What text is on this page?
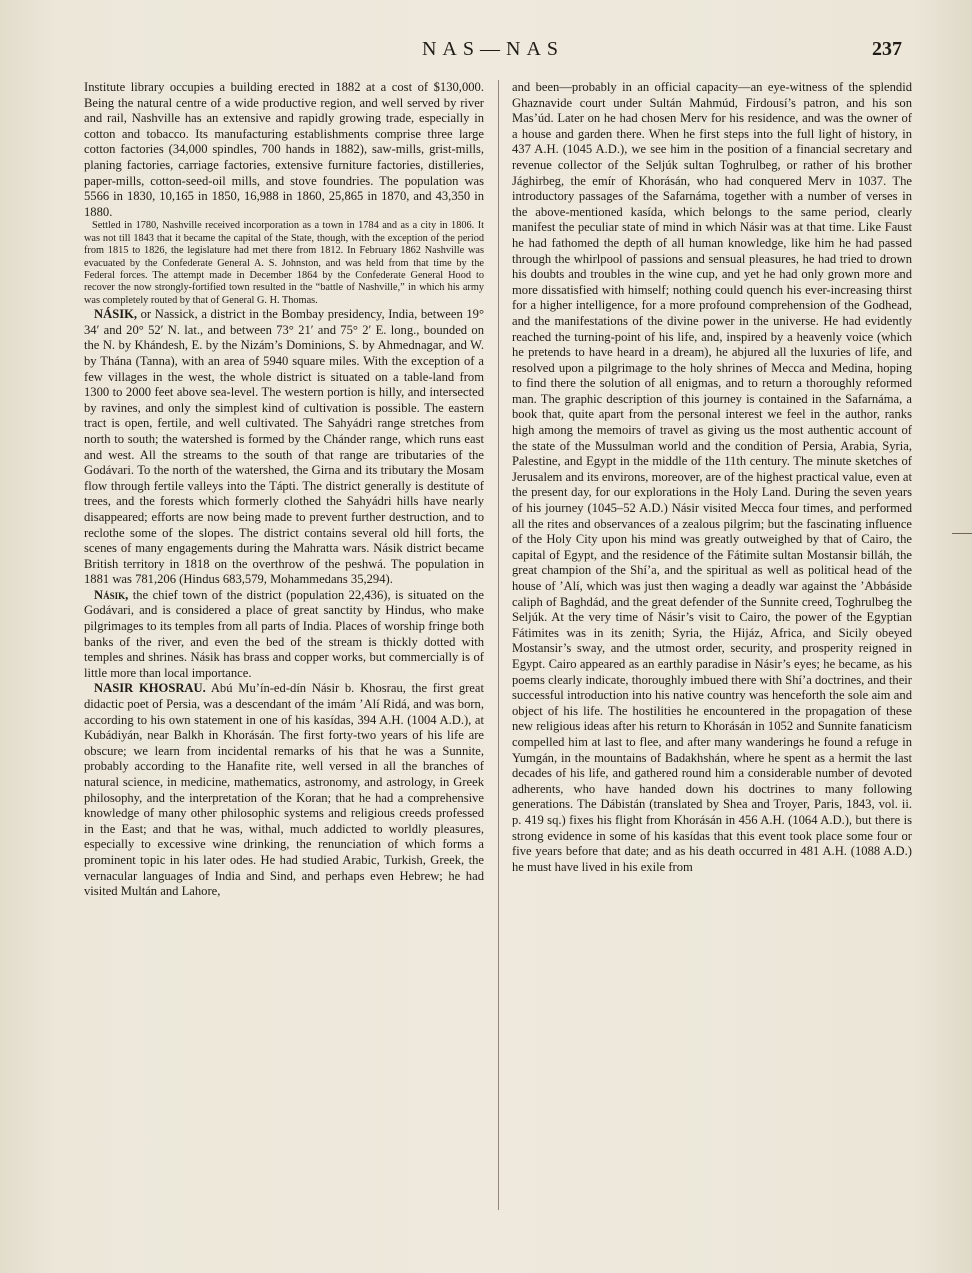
NAS—NAS	237

Institute library occupies a building erected in 1882 at a cost of $130,000. Being the natural centre of a wide productive region, and well served by river and rail, Nashville has an extensive and rapidly growing trade, especially in cotton and tobacco. Its manufacturing establishments comprise three large cotton factories (34,000 spindles, 700 hands in 1882), saw-mills, grist-mills, planing factories, carriage factories, extensive furniture factories, distilleries, paper-mills, cotton-seed-oil mills, and stove foundries. The population was 5566 in 1830, 10,165 in 1850, 16,988 in 1860, 25,865 in 1870, and 43,350 in 1880.

Settled in 1780, Nashville received incorporation as a town in 1784 and as a city in 1806. It was not till 1843 that it became the capital of the State, though, with the exception of the period from 1815 to 1826, the legislature had met there from 1812. In February 1862 Nashville was evacuated by the Confederate General A. S. Johnston, and was held from that time by the Federal forces. The attempt made in December 1864 by the Confederate General Hood to recover the now strongly-fortified town resulted in the “battle of Nashville,” in which his army was completely routed by that of General G. H. Thomas.

NÁSIK, or Nassick, a district in the Bombay presidency, India, between 19° 34′ and 20° 52′ N. lat., and between 73° 21′ and 75° 2′ E. long., bounded on the N. by Khándesh, E. by the Nizám’s Dominions, S. by Ahmednagar, and W. by Thána (Tanna), with an area of 5940 square miles. With the exception of a few villages in the west, the whole district is situated on a table-land from 1300 to 2000 feet above sea-level. The western portion is hilly, and intersected by ravines, and only the simplest kind of cultivation is possible. The eastern tract is open, fertile, and well cultivated. The Sahyádri range stretches from north to south; the watershed is formed by the Chánder range, which runs east and west. All the streams to the south of that range are tributaries of the Godávari. To the north of the watershed, the Girna and its tributary the Mosam flow through fertile valleys into the Tápti. The district generally is destitute of trees, and the forests which formerly clothed the Sahyádri hills have nearly disappeared; efforts are now being made to prevent further destruction, and to reclothe some of the slopes. The district contains several old hill forts, the scenes of many engagements during the Mahratta wars. Násik district became British territory in 1818 on the overthrow of the peshwá. The population in 1881 was 781,206 (Hindus 683,579, Mohammedans 35,294).

Násik, the chief town of the district (population 22,436), is situated on the Godávari, and is considered a place of great sanctity by Hindus, who make pilgrimages to its temples from all parts of India. Places of worship fringe both banks of the river, and even the bed of the stream is thickly dotted with temples and shrines. Násik has brass and copper works, but commercially is of little more than local importance.

NASIR KHOSRAU. Abú Mu’ín-ed-dín Násir b. Khosrau, the first great didactic poet of Persia, was a descendant of the imám ’Alí Ridá, and was born, according to his own statement in one of his kasídas, 394 A.H. (1004 A.D.), at Kubádiyán, near Balkh in Khorásán. The first forty-two years of his life are obscure; we learn from incidental remarks of his that he was a Sunnite, probably according to the Hanafite rite, well versed in all the branches of natural science, in medicine, mathematics, astronomy, and astrology, in Greek philosophy, and the interpretation of the Koran; that he had a comprehensive knowledge of many other philosophic systems and religious creeds professed in the East; and that he was, withal, much addicted to worldly pleasures, especially to excessive wine drinking, the renunciation of which forms a prominent topic in his later odes. He had studied Arabic, Turkish, Greek, the vernacular languages of India and Sind, and perhaps even Hebrew; he had visited Multán and Lahore,

and been—probably in an official capacity—an eye-witness of the splendid Ghaznavide court under Sultán Mahmúd, Firdousí’s patron, and his son Mas’úd. Later on he had chosen Merv for his residence, and was the owner of a house and garden there. When he first steps into the full light of history, in 437 A.H. (1045 A.D.), we see him in the position of a financial secretary and revenue collector of the Seljúk sultan Toghrulbeg, or rather of his brother Jághirbeg, the emír of Khorásán, who had conquered Merv in 1037. The introductory passages of the Safarnáma, together with a number of verses in the above-mentioned kasída, which belongs to the same period, clearly manifest the peculiar state of mind in which Násir was at that time. Like Faust he had fathomed the depth of all human knowledge, like him he had passed through the whirlpool of passions and sensual pleasures, he had tried to drown his doubts and troubles in the wine cup, and yet he had only grown more and more dissatisfied with himself; nothing could quench his ever-increasing thirst for a higher intelligence, for a more profound comprehension of the Godhead, and the manifestations of the divine power in the universe. He had evidently reached the turning-point of his life, and, inspired by a heavenly voice (which he pretends to have heard in a dream), he abjured all the luxuries of life, and resolved upon a pilgrimage to the holy shrines of Mecca and Medina, hoping to find there the solution of all enigmas, and to return a thoroughly reformed man. The graphic description of this journey is contained in the Safarnáma, a book that, quite apart from the personal interest we feel in the author, ranks high among the memoirs of travel as giving us the most authentic account of the state of the Mussulman world and the condition of Persia, Arabia, Syria, Palestine, and Egypt in the middle of the 11th century. The minute sketches of Jerusalem and its environs, moreover, are of the highest practical value, even at the present day, for our explorations in the Holy Land. During the seven years of his journey (1045–52 A.D.) Násir visited Mecca four times, and performed all the rites and observances of a zealous pilgrim; but the fascinating influence of the Holy City upon his mind was greatly outweighed by that of Cairo, the capital of Egypt, and the residence of the Fátimite sultan Mostansir billáh, the great champion of the Shí’a, and the spiritual as well as political head of the house of ’Alí, which was just then waging a deadly war against the ’Abbáside caliph of Baghdád, and the great defender of the Sunnite creed, Toghrulbeg the Seljúk. At the very time of Násir’s visit to Cairo, the power of the Egyptian Fátimites was in its zenith; Syria, the Hijáz, Africa, and Sicily obeyed Mostansir’s sway, and the utmost order, security, and prosperity reigned in Egypt. Cairo appeared as an earthly paradise in Násir’s eyes; he became, as his poems clearly indicate, thoroughly imbued there with Shí’a doctrines, and their successful introduction into his native country was henceforth the sole aim and object of his life. The hostilities he encountered in the propagation of these new religious ideas after his return to Khorásán in 1052 and Sunnite fanaticism compelled him at last to flee, and after many wanderings he found a refuge in Yumgán, in the mountains of Badakhshán, where he spent as a hermit the last decades of his life, and gathered round him a considerable number of devoted adherents, who have handed down his doctrines to many following generations. The Dábistán (translated by Shea and Troyer, Paris, 1843, vol. ii. p. 419 sq.) fixes his flight from Khorásán in 456 A.H. (1064 A.D.), but there is strong evidence in some of his kasídas that this event took place some four or five years before that date; and as his death occurred in 481 A.H. (1088 A.D.) he must have lived in his exile from
